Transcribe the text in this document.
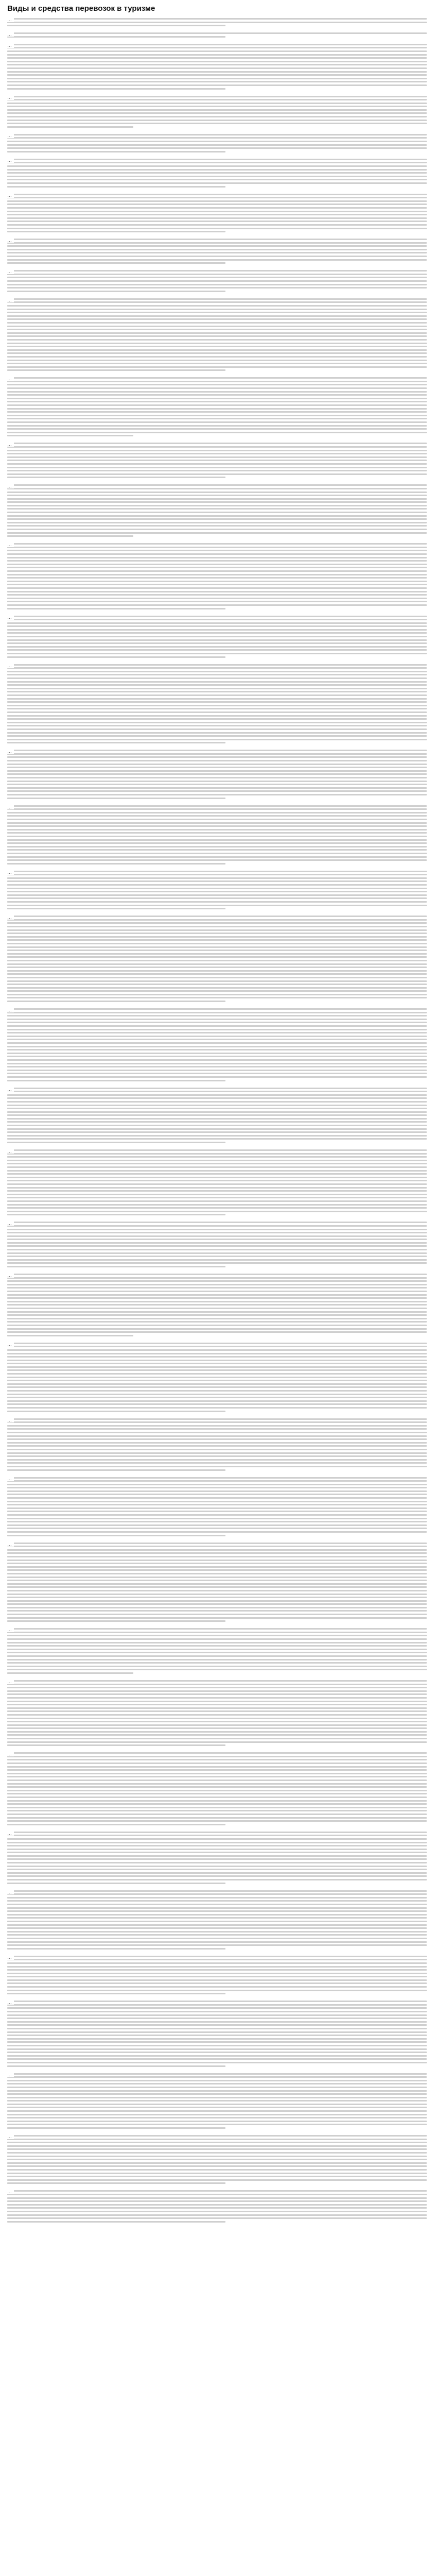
Виды и средства перевозок в туризме
…
…
…
…
…
…
…
…
…
…
…
…
…
…
…
…
…
…
…
…
…
…
…
…
…
…
…
…
…
…
…
…
…
…
…
…
…
…
…
